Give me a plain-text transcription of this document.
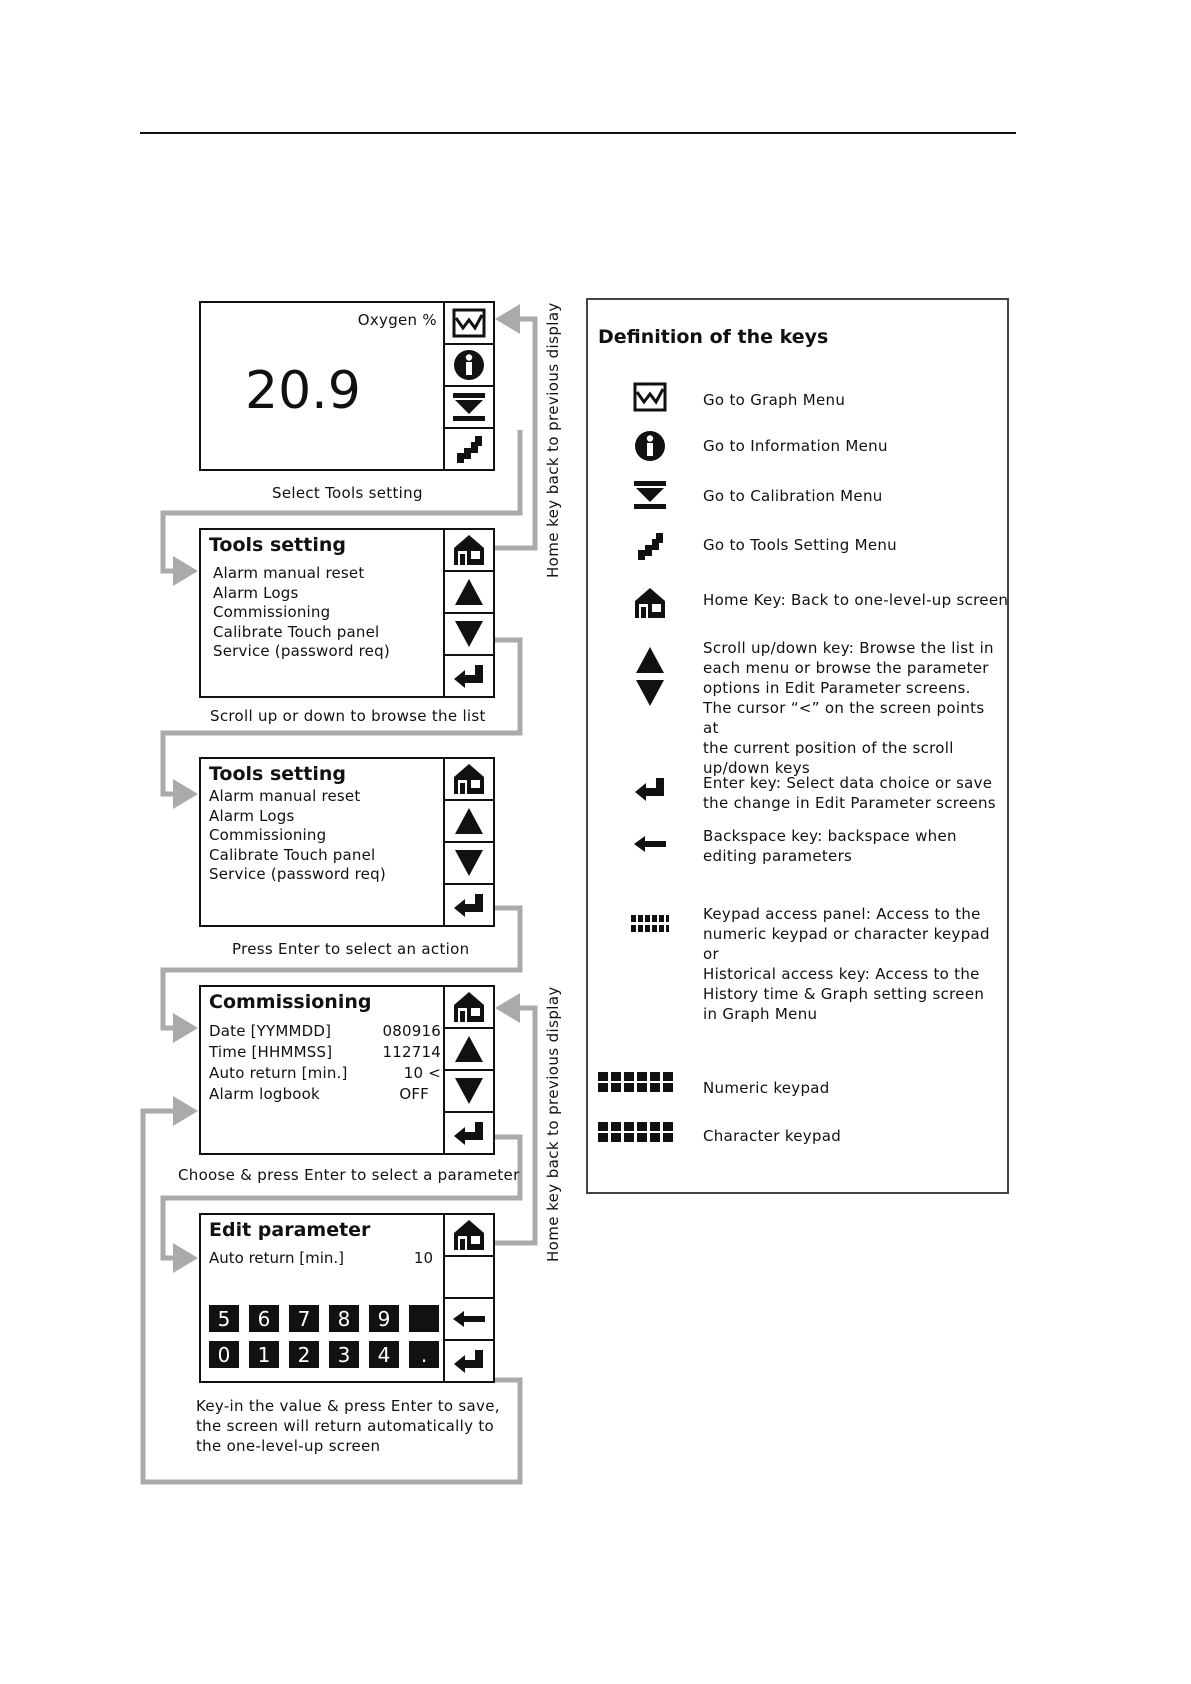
Oxygen %
20.9
Select Tools setting
Tools setting
Alarm manual reset
Alarm Logs
Commissioning
Calibrate Touch panel
Service (password req)
Scroll up or down to browse the list
Tools setting
Alarm manual reset
Alarm Logs
Commissioning
Calibrate Touch panel
Service (password req)
Press Enter to select an action
Commissioning
Date [YYMMDD]	080916
Time [HHMMSS]	112714
Auto return [min.]	10 <
Alarm logbook	OFF
Choose & press Enter to select a parameter
Edit parameter
Auto return [min.]	10
5	6	7	8	9
0	1	2	3	4	.
Key-in the value & press Enter to save,
the screen will return automatically to
the one-level-up screen
Home key back to previous display
Home key back to previous display
Definition of the keys
Go to Graph Menu
Go to Information Menu
Go to Calibration Menu
Go to Tools Setting Menu
Home Key: Back to one-level-up screen
Scroll up/down key: Browse the list in
each menu or browse the parameter
options in Edit Parameter screens.
The cursor “<” on the screen points at
the current position of the scroll
up/down keys
Enter key: Select data choice or save
the change in Edit Parameter screens
Backspace key: backspace when
editing parameters
Keypad access panel: Access to the
numeric keypad or character keypad
or
Historical access key: Access to the
History time & Graph setting screen
in Graph Menu
Numeric keypad
Character keypad
